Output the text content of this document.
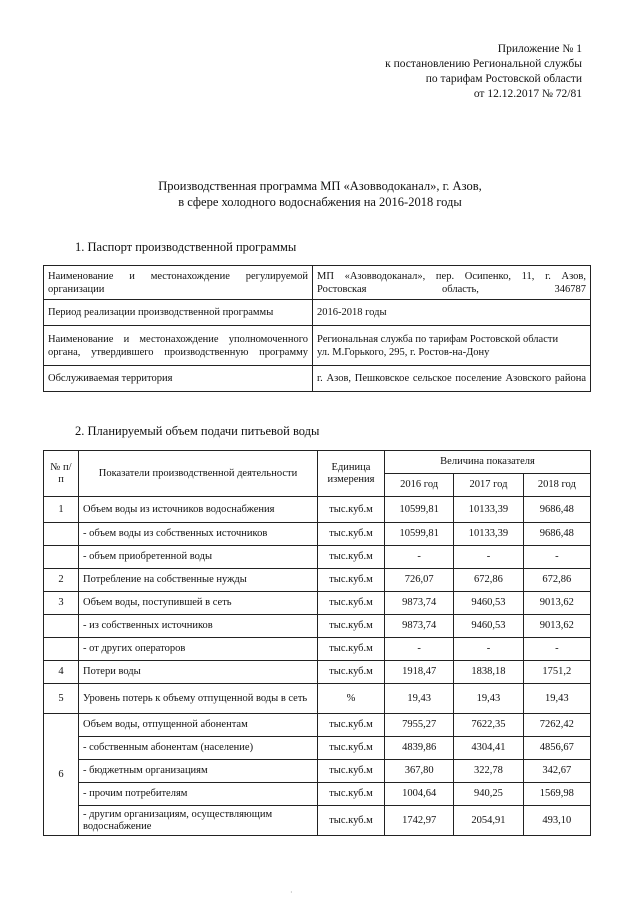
Приложение № 1
к постановлению Региональной службы
по тарифам Ростовской области
от 12.12.2017 № 72/81
Производственная программа МП «Азовводоканал», г. Азов,
в сфере холодного водоснабжения на 2016-2018 годы
1. Паспорт производственной программы
Наименование и местонахождение регулируемой организации	МП «Азовводоканал», пер. Осипенко, 11, г. Азов, Ростовская область, 346787
Период реализации производственной программы	2016-2018 годы
Наименование и местонахождение уполномоченного органа, утвердившего производственную программу	Региональная служба по тарифам Ростовской области
ул. М.Горького, 295, г. Ростов-на-Дону

Обслуживаемая территория	г. Азов, Пешковское сельское поселение Азовского района
2. Планируемый объем подачи питьевой воды
№ п/п	Показатели производственной деятельности	Единица измерения	Величина показателя		
			2016 год	2017 год	2018 год
1	Объем воды из источников водоснабжения	тыс.куб.м	10599,81	10133,39	9686,48
	- объем воды из собственных источников	тыс.куб.м	10599,81	10133,39	9686,48
	- объем приобретенной воды	тыс.куб.м	-	-	-
2	Потребление на собственные нужды	тыс.куб.м	726,07	672,86	672,86
3	Объем воды, поступившей в сеть	тыс.куб.м	9873,74	9460,53	9013,62
	- из собственных источников	тыс.куб.м	9873,74	9460,53	9013,62
	- от других операторов	тыс.куб.м	-	-	-
4	Потери воды	тыс.куб.м	1918,47	1838,18	1751,2
5	Уровень потерь к объему отпущенной воды в сеть	%	19,43	19,43	19,43
6	Объем воды, отпущенной абонентам	тыс.куб.м	7955,27	7622,35	7262,42
	- собственным абонентам (население)	тыс.куб.м	4839,86	4304,41	4856,67
	- бюджетным организациям	тыс.куб.м	367,80	322,78	342,67
	- прочим потребителям	тыс.куб.м	1004,64	940,25	1569,98
	- другим организациям, осуществляющим водоснабжение	тыс.куб.м	1742,97	2054,91	493,10
·
